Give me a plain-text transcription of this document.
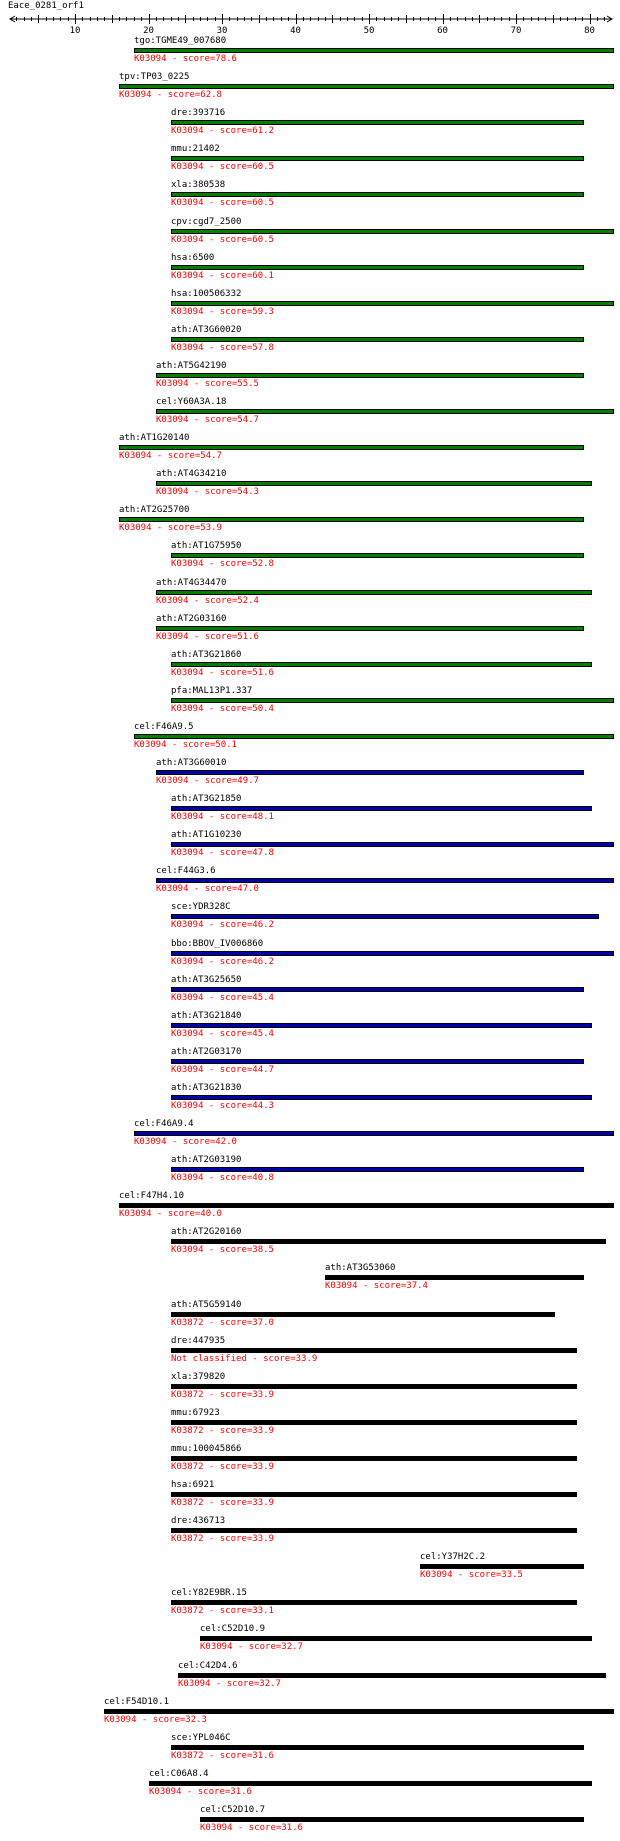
Eace_0281_orf1
10	20	30	40	50	60	70	80
tgo:TGME49_007680
K03094 - score=78.6
tpv:TP03_0225
K03094 - score=62.8
dre:393716
K03094 - score=61.2
mmu:21402
K03094 - score=60.5
xla:380538
K03094 - score=60.5
cpv:cgd7_2500
K03094 - score=60.5
hsa:6500
K03094 - score=60.1
hsa:100506332
K03094 - score=59.3
ath:AT3G60020
K03094 - score=57.8
ath:AT5G42190
K03094 - score=55.5
cel:Y60A3A.18
K03094 - score=54.7
ath:AT1G20140
K03094 - score=54.7
ath:AT4G34210
K03094 - score=54.3
ath:AT2G25700
K03094 - score=53.9
ath:AT1G75950
K03094 - score=52.8
ath:AT4G34470
K03094 - score=52.4
ath:AT2G03160
K03094 - score=51.6
ath:AT3G21860
K03094 - score=51.6
pfa:MAL13P1.337
K03094 - score=50.4
cel:F46A9.5
K03094 - score=50.1
ath:AT3G60010
K03094 - score=49.7
ath:AT3G21850
K03094 - score=48.1
ath:AT1G10230
K03094 - score=47.8
cel:F44G3.6
K03094 - score=47.0
sce:YDR328C
K03094 - score=46.2
bbo:BBOV_IV006860
K03094 - score=46.2
ath:AT3G25650
K03094 - score=45.4
ath:AT3G21840
K03094 - score=45.4
ath:AT2G03170
K03094 - score=44.7
ath:AT3G21830
K03094 - score=44.3
cel:F46A9.4
K03094 - score=42.0
ath:AT2G03190
K03094 - score=40.8
cel:F47H4.10
K03094 - score=40.0
ath:AT2G20160
K03094 - score=38.5
ath:AT3G53060
K03094 - score=37.4
ath:AT5G59140
K03872 - score=37.0
dre:447935
Not classified - score=33.9
xla:379820
K03872 - score=33.9
mmu:67923
K03872 - score=33.9
mmu:100045866
K03872 - score=33.9
hsa:6921
K03872 - score=33.9
dre:436713
K03872 - score=33.9
cel:Y37H2C.2
K03094 - score=33.5
cel:Y82E9BR.15
K03872 - score=33.1
cel:C52D10.9
K03094 - score=32.7
cel:C42D4.6
K03094 - score=32.7
cel:F54D10.1
K03094 - score=32.3
sce:YPL046C
K03872 - score=31.6
cel:C06A8.4
K03094 - score=31.6
cel:C52D10.7
K03094 - score=31.6
